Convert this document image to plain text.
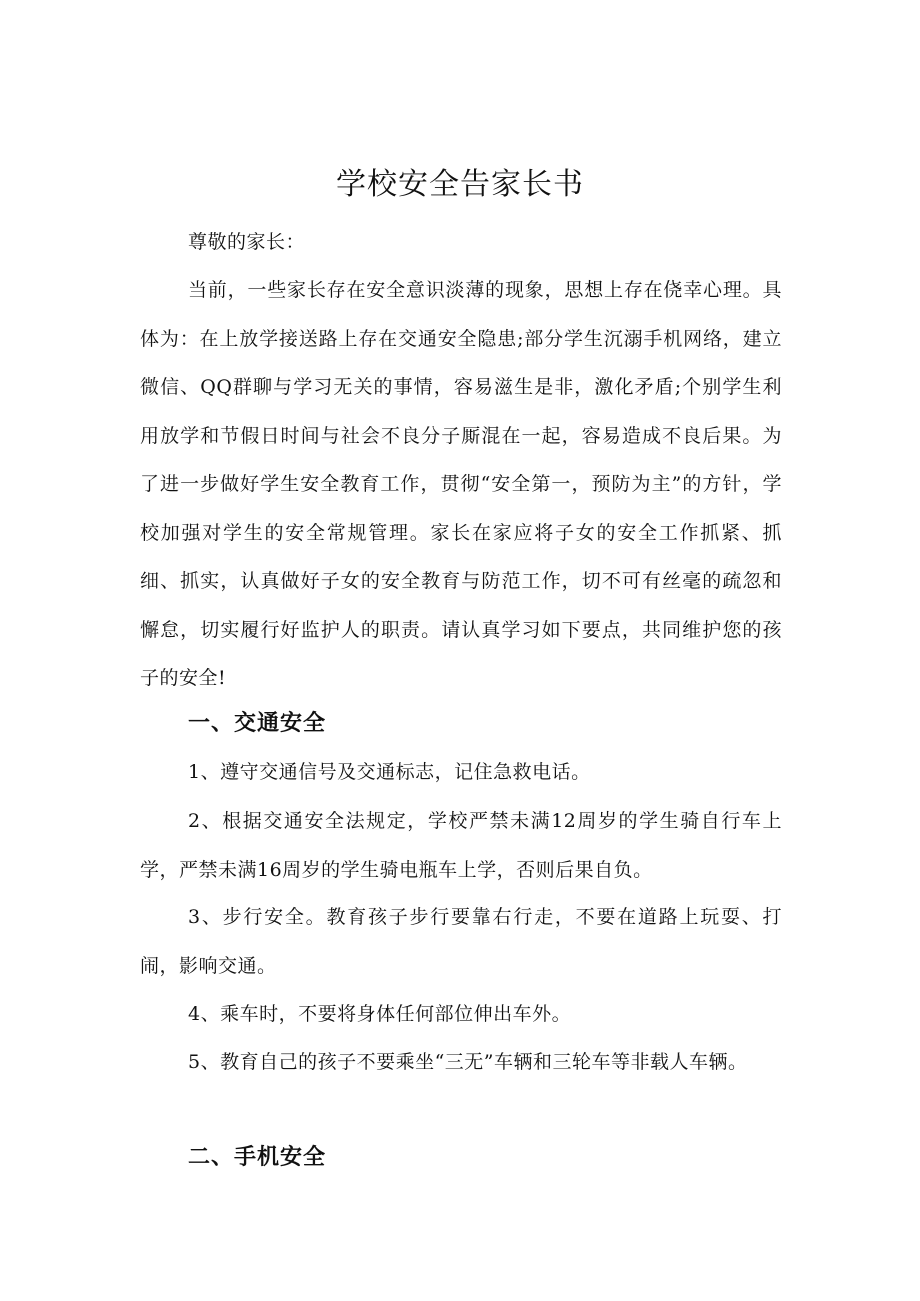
学校安全告家长书

尊敬的家长：

当前，一些家长存在安全意识淡薄的现象，思想上存在侥幸心理。具体为：在上放学接送路上存在交通安全隐患;部分学生沉溺手机网络，建立微信、QQ群聊与学习无关的事情，容易滋生是非，激化矛盾;个别学生利用放学和节假日时间与社会不良分子厮混在一起，容易造成不良后果。为了进一步做好学生安全教育工作，贯彻“安全第一，预防为主”的方针，学校加强对学生的安全常规管理。家长在家应将子女的安全工作抓紧、抓细、抓实，认真做好子女的安全教育与防范工作，切不可有丝毫的疏忽和懈怠，切实履行好监护人的职责。请认真学习如下要点，共同维护您的孩子的安全!

一、交通安全

1、遵守交通信号及交通标志，记住急救电话。

2、根据交通安全法规定，学校严禁未满12周岁的学生骑自行车上学，严禁未满16周岁的学生骑电瓶车上学，否则后果自负。

3、步行安全。教育孩子步行要靠右行走，不要在道路上玩耍、打闹，影响交通。

4、乘车时，不要将身体任何部位伸出车外。

5、教育自己的孩子不要乘坐“三无”车辆和三轮车等非载人车辆。

二、手机安全
